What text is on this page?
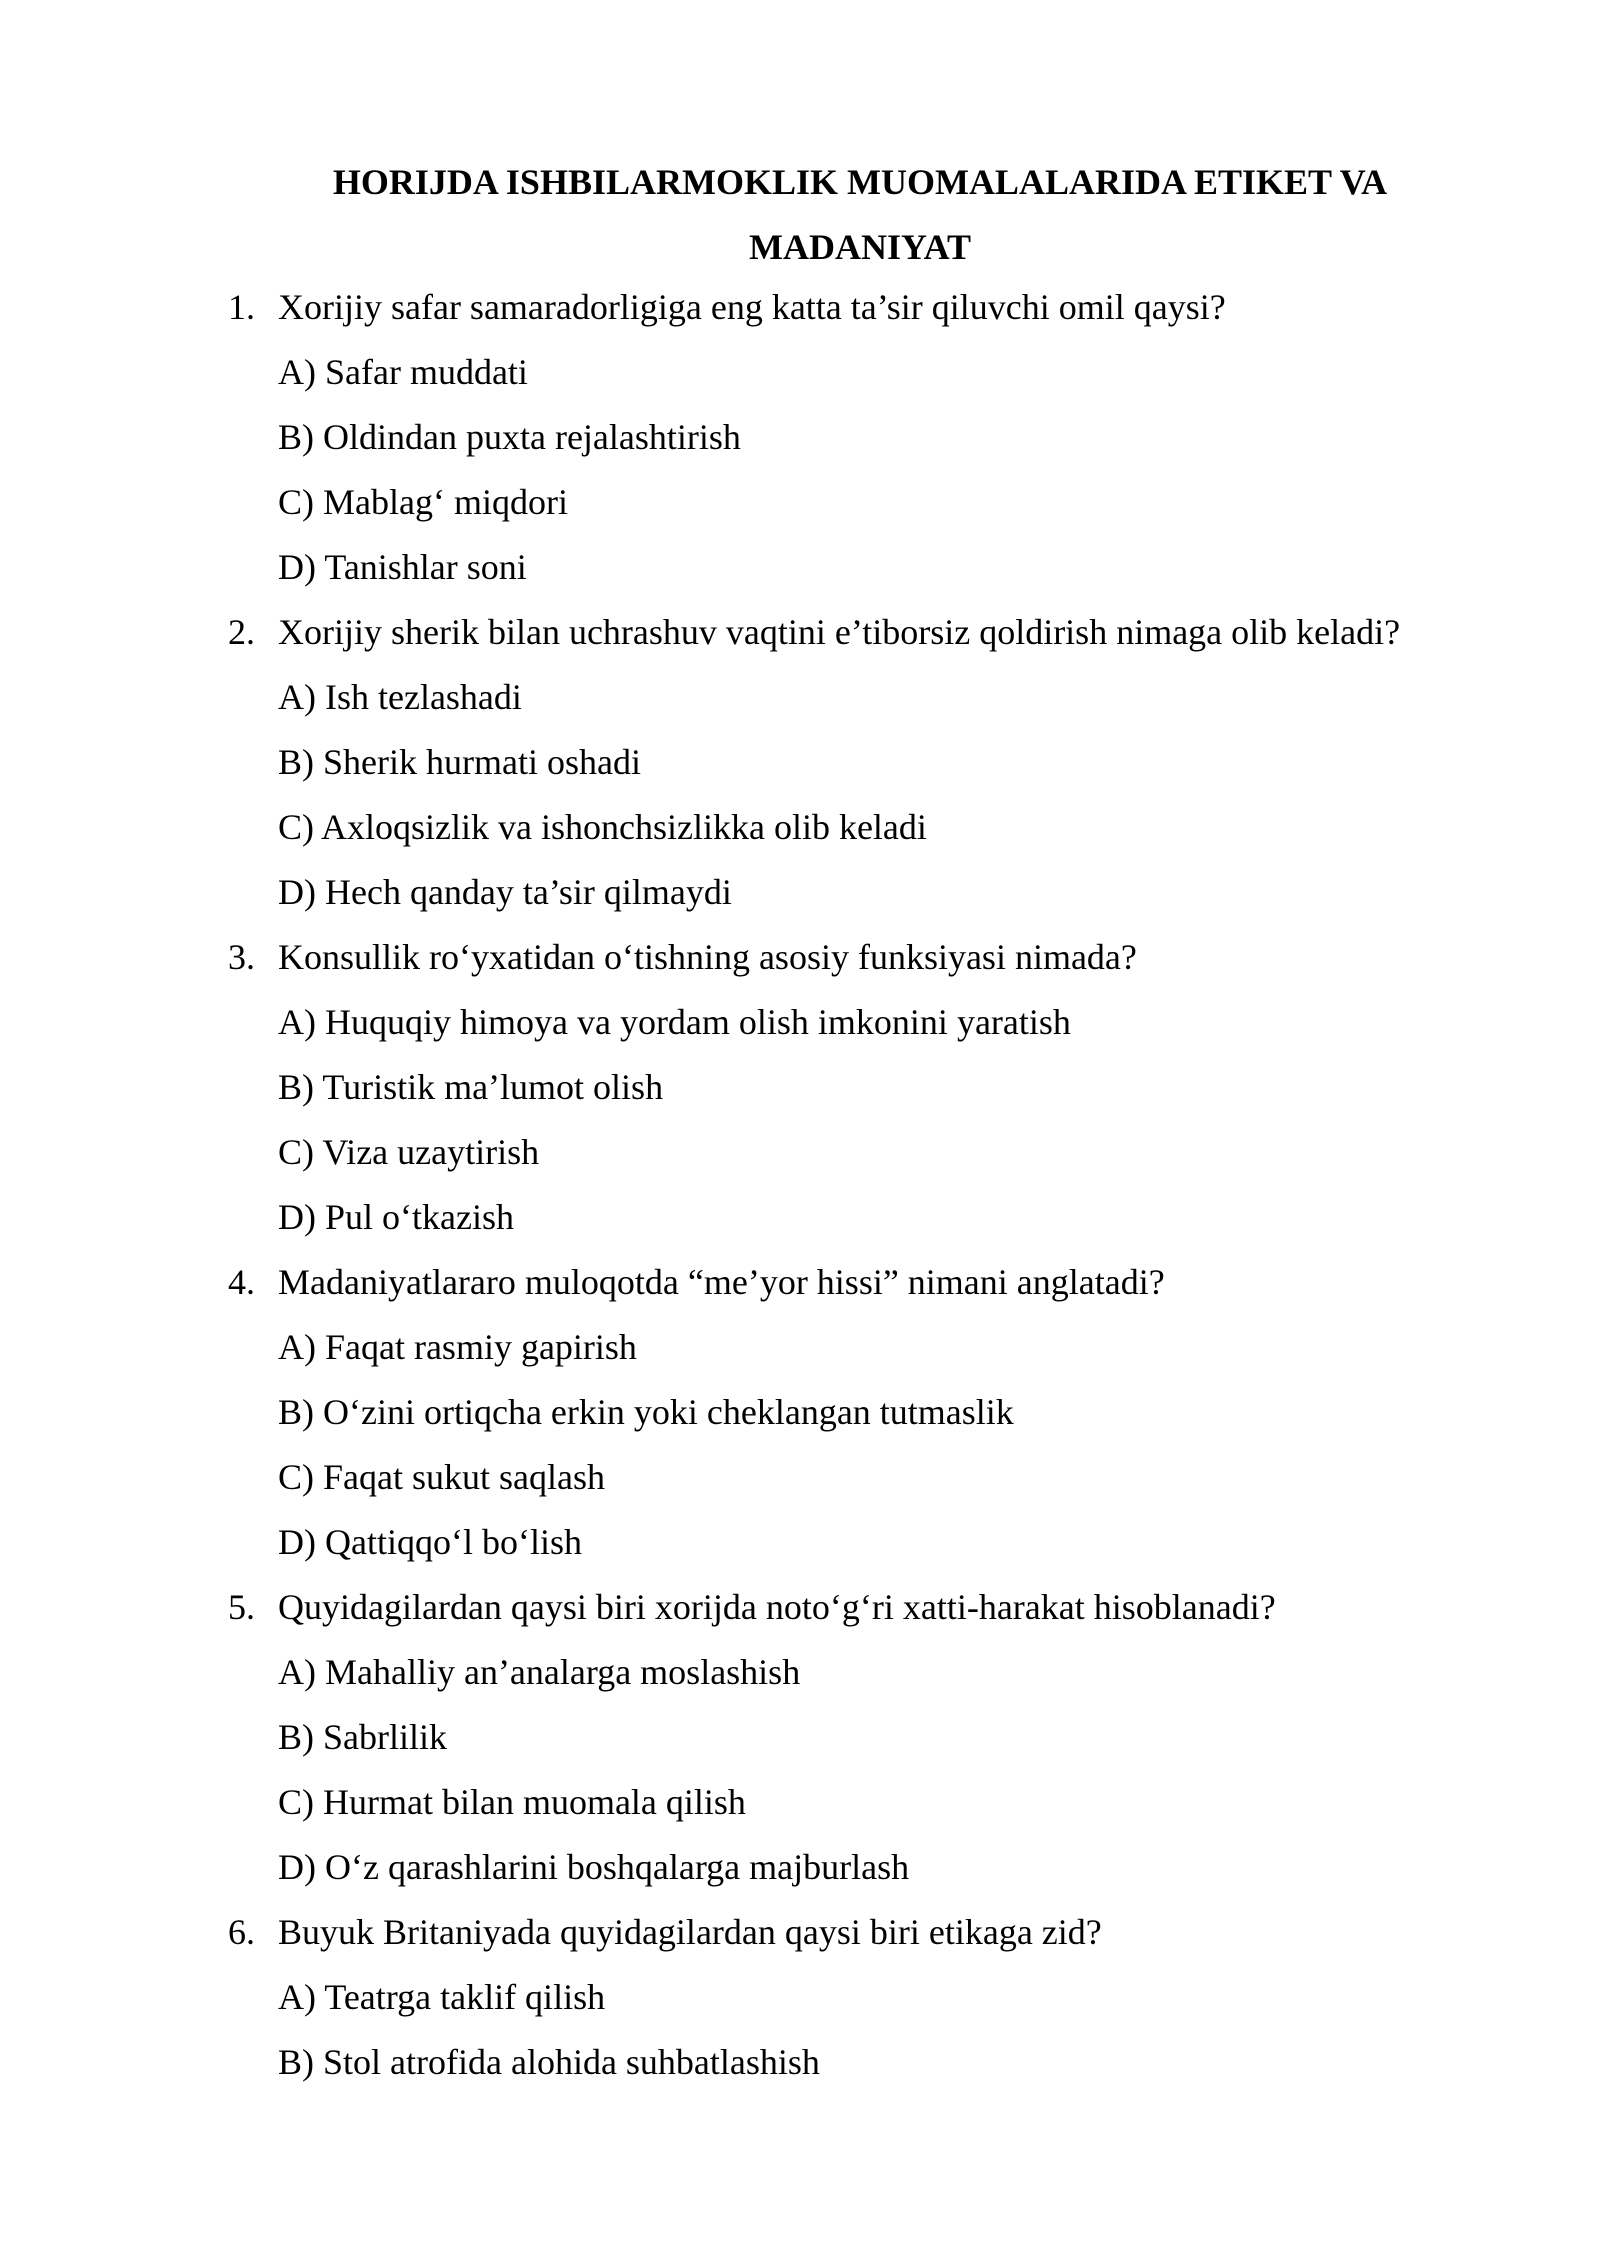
HORIJDA ISHBILARMOKLIK MUOMALALARIDA ETIKET VA
MADANIYAT
1. Xorijiy safar samaradorligiga eng katta ta’sir qiluvchi omil qaysi?
A) Safar muddati
B) Oldindan puxta rejalashtirish
C) Mablag‘ miqdori
D) Tanishlar soni
2. Xorijiy sherik bilan uchrashuv vaqtini e’tiborsiz qoldirish nimaga olib keladi?
A) Ish tezlashadi
B) Sherik hurmati oshadi
C) Axloqsizlik va ishonchsizlikka olib keladi
D) Hech qanday ta’sir qilmaydi
3. Konsullik ro‘yxatidan o‘tishning asosiy funksiyasi nimada?
A) Huquqiy himoya va yordam olish imkonini yaratish
B) Turistik ma’lumot olish
C) Viza uzaytirish
D) Pul o‘tkazish
4. Madaniyatlararo muloqotda “me’yor hissi” nimani anglatadi?
A) Faqat rasmiy gapirish
B) O‘zini ortiqcha erkin yoki cheklangan tutmaslik
C) Faqat sukut saqlash
D) Qattiqqo‘l bo‘lish
5. Quyidagilardan qaysi biri xorijda noto‘g‘ri xatti-harakat hisoblanadi?
A) Mahalliy an’analarga moslashish
B) Sabrlilik
C) Hurmat bilan muomala qilish
D) O‘z qarashlarini boshqalarga majburlash
6. Buyuk Britaniyada quyidagilardan qaysi biri etikaga zid?
A) Teatrga taklif qilish
B) Stol atrofida alohida suhbatlashish
